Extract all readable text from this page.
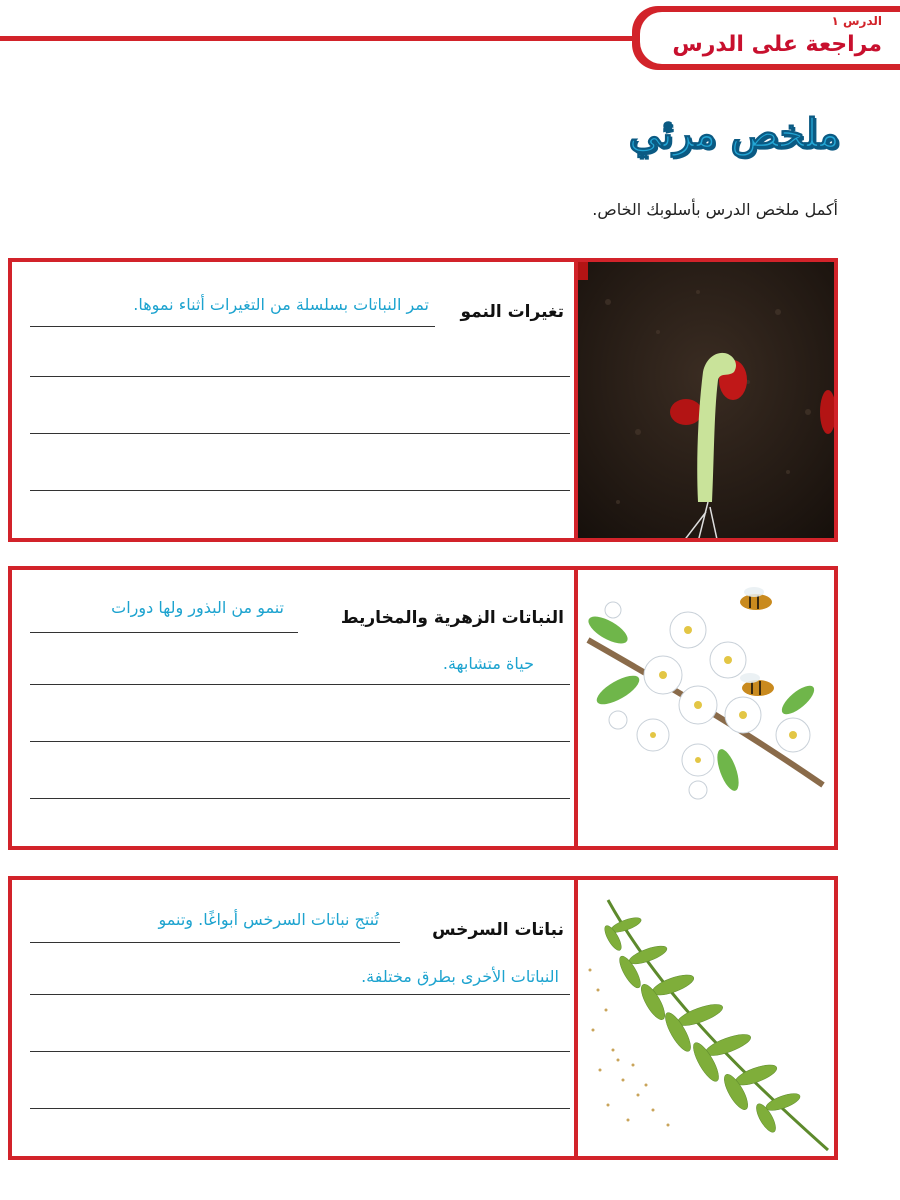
الدرس ١
مراجعة على الدرس
ملخص مرئي
أكمل ملخص الدرس بأسلوبك الخاص.
تغيرات النمو
تمر النباتات بسلسلة من التغيرات أثناء نموها.
النباتات الزهرية والمخاريط
تنمو من البذور ولها دورات
حياة متشابهة.
نباتات السرخس
تُنتج نباتات السرخس أبواغًا. وتنمو
النباتات الأخرى بطرق مختلفة.
